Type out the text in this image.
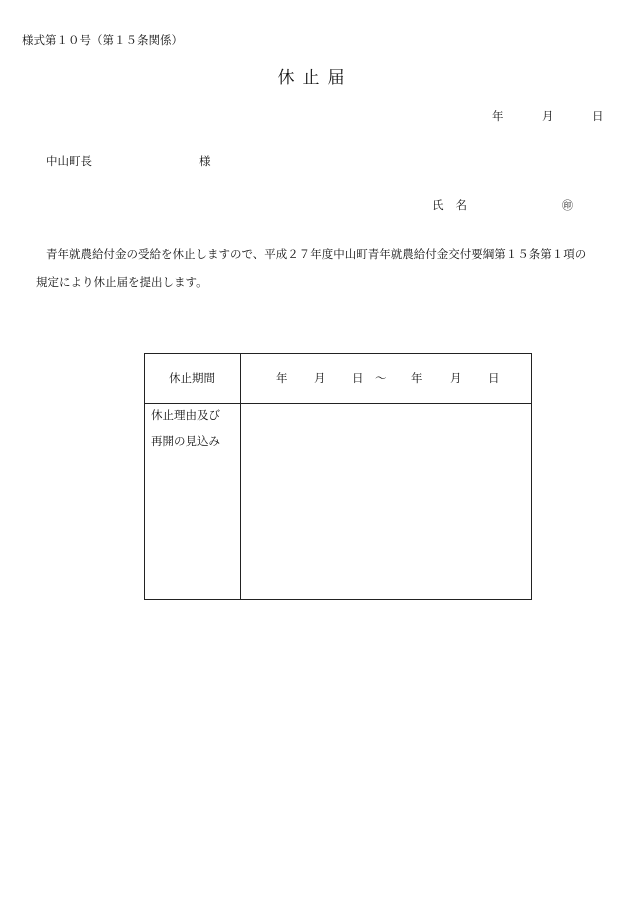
様式第１０号（第１５条関係）
休止届
年	月	日
中山町長	様
氏名	㊞
青年就農給付金の受給を休止しますので、平成２７年度中山町青年就農給付金交付要綱第１５条第１項の
規定により休止届を提出します。
休止期間	年 月 日 ～ 年 月 日
休止理由及び
再開の見込み
